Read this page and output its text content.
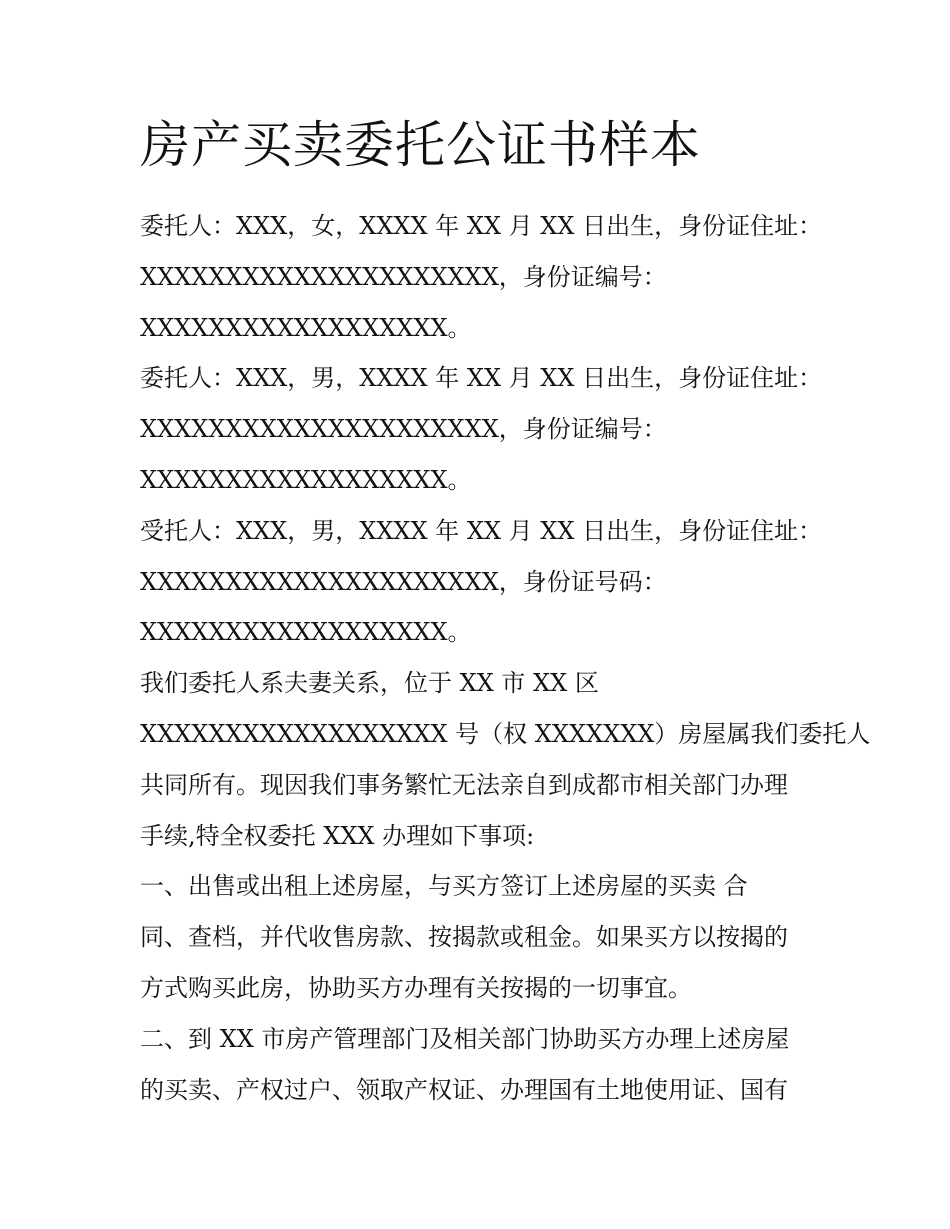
房产买卖委托公证书样本
委托人：XXX，女，XXXX 年 XX 月 XX 日出生，身份证住址：
XXXXXXXXXXXXXXXXXXXXX，身份证编号：
XXXXXXXXXXXXXXXXXX。
委托人：XXX，男，XXXX 年 XX 月 XX 日出生，身份证住址：
XXXXXXXXXXXXXXXXXXXXX，身份证编号：
XXXXXXXXXXXXXXXXXX。
受托人：XXX，男，XXXX 年 XX 月 XX 日出生，身份证住址：
XXXXXXXXXXXXXXXXXXXXX，身份证号码：
XXXXXXXXXXXXXXXXXX。
我们委托人系夫妻关系，位于 XX 市 XX 区
XXXXXXXXXXXXXXXXXX 号（权 XXXXXXX）房屋属我们委托人
共同所有。现因我们事务繁忙无法亲自到成都市相关部门办理
手续,特全权委托 XXX 办理如下事项:
一、出售或出租上述房屋，与买方签订上述房屋的买卖 合
同、查档，并代收售房款、按揭款或租金。如果买方以按揭的
方式购买此房，协助买方办理有关按揭的一切事宜。
二、到 XX 市房产管理部门及相关部门协助买方办理上述房屋
的买卖、产权过户、领取产权证、办理国有土地使用证、国有
